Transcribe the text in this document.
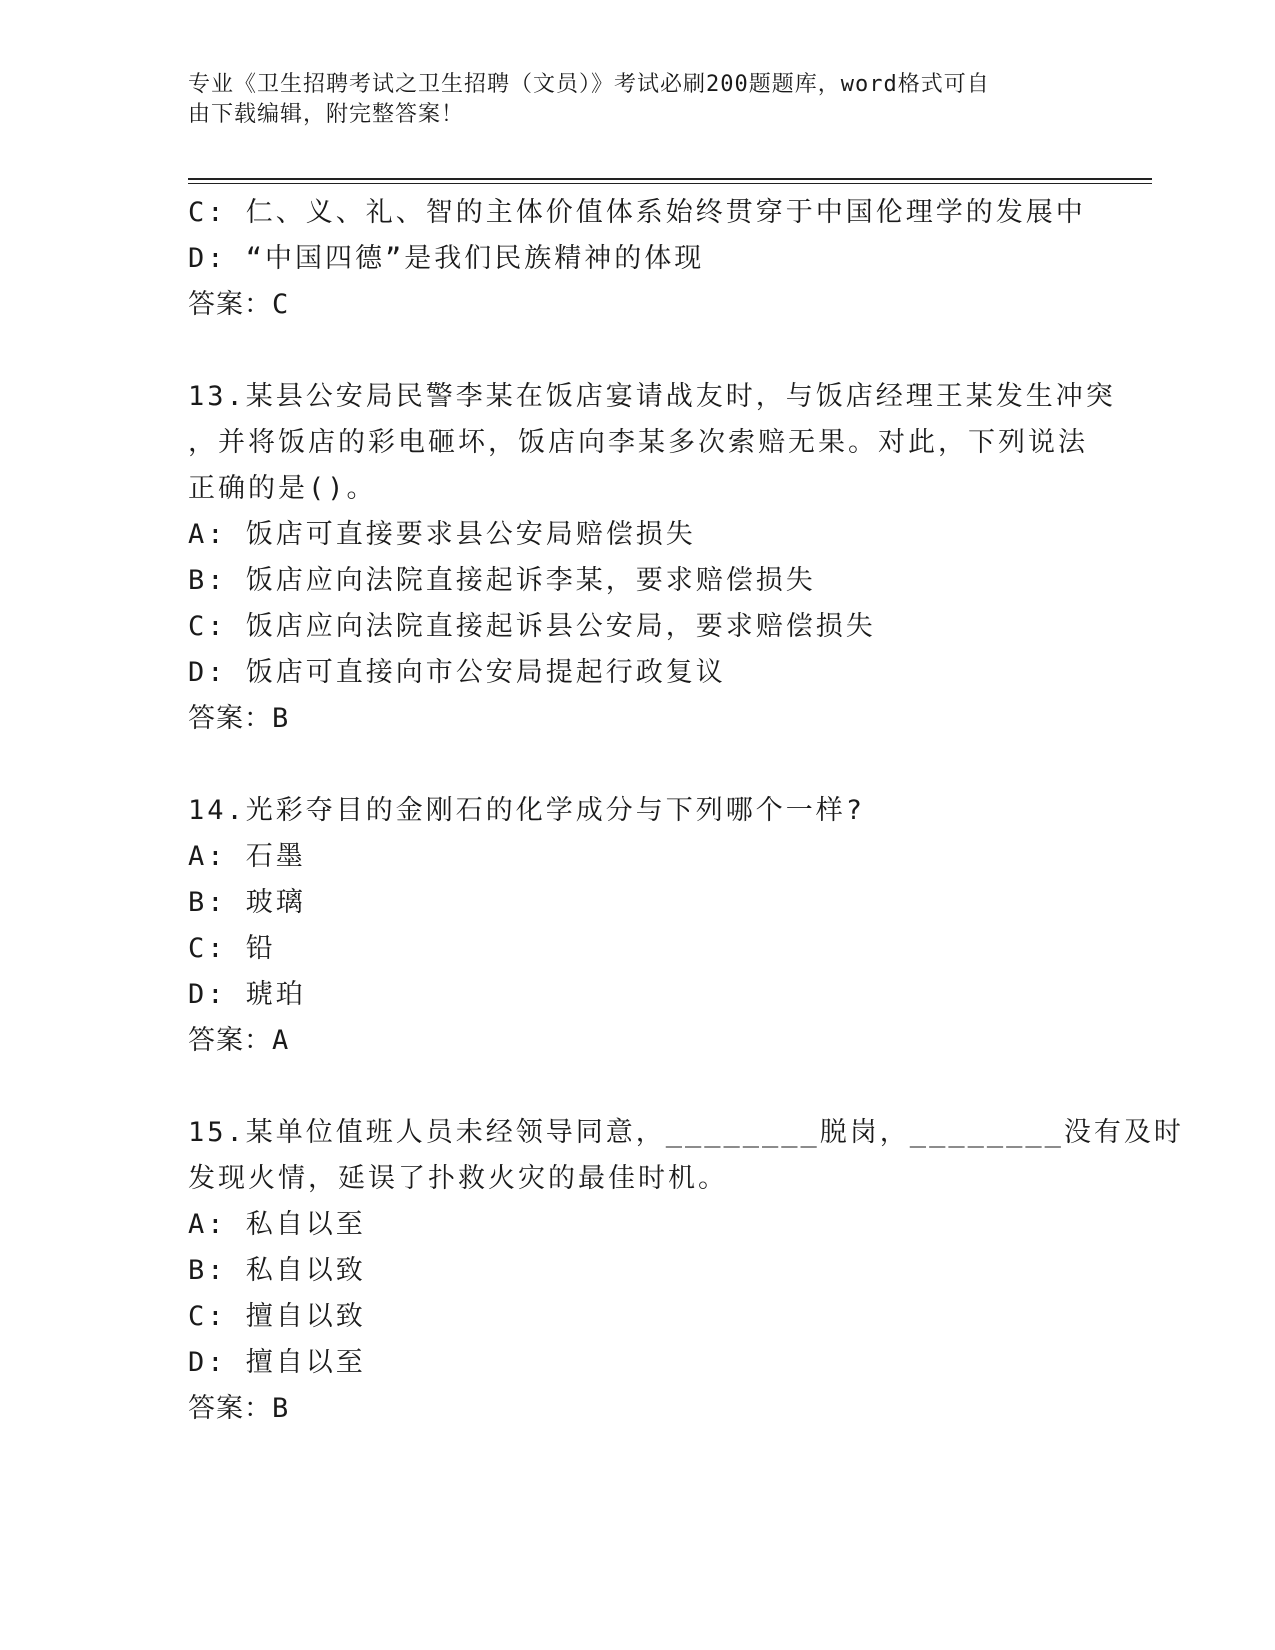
专业《卫生招聘考试之卫生招聘（文员）》考试必刷200题题库，word格式可自
由下载编辑，附完整答案！
C: 仁、义、礼、智的主体价值体系始终贯穿于中国伦理学的发展中
D: “中国四德”是我们民族精神的体现
答案：C
13.某县公安局民警李某在饭店宴请战友时，与饭店经理王某发生冲突
，并将饭店的彩电砸坏，饭店向李某多次索赔无果。对此，下列说法
正确的是()。
A: 饭店可直接要求县公安局赔偿损失
B: 饭店应向法院直接起诉李某，要求赔偿损失
C: 饭店应向法院直接起诉县公安局，要求赔偿损失
D: 饭店可直接向市公安局提起行政复议
答案：B
14.光彩夺目的金刚石的化学成分与下列哪个一样?
A: 石墨
B: 玻璃
C: 铅
D: 琥珀
答案：A
15.某单位值班人员未经领导同意，________脱岗，________没有及时
发现火情，延误了扑救火灾的最佳时机。
A: 私自以至
B: 私自以致
C: 擅自以致
D: 擅自以至
答案：B
